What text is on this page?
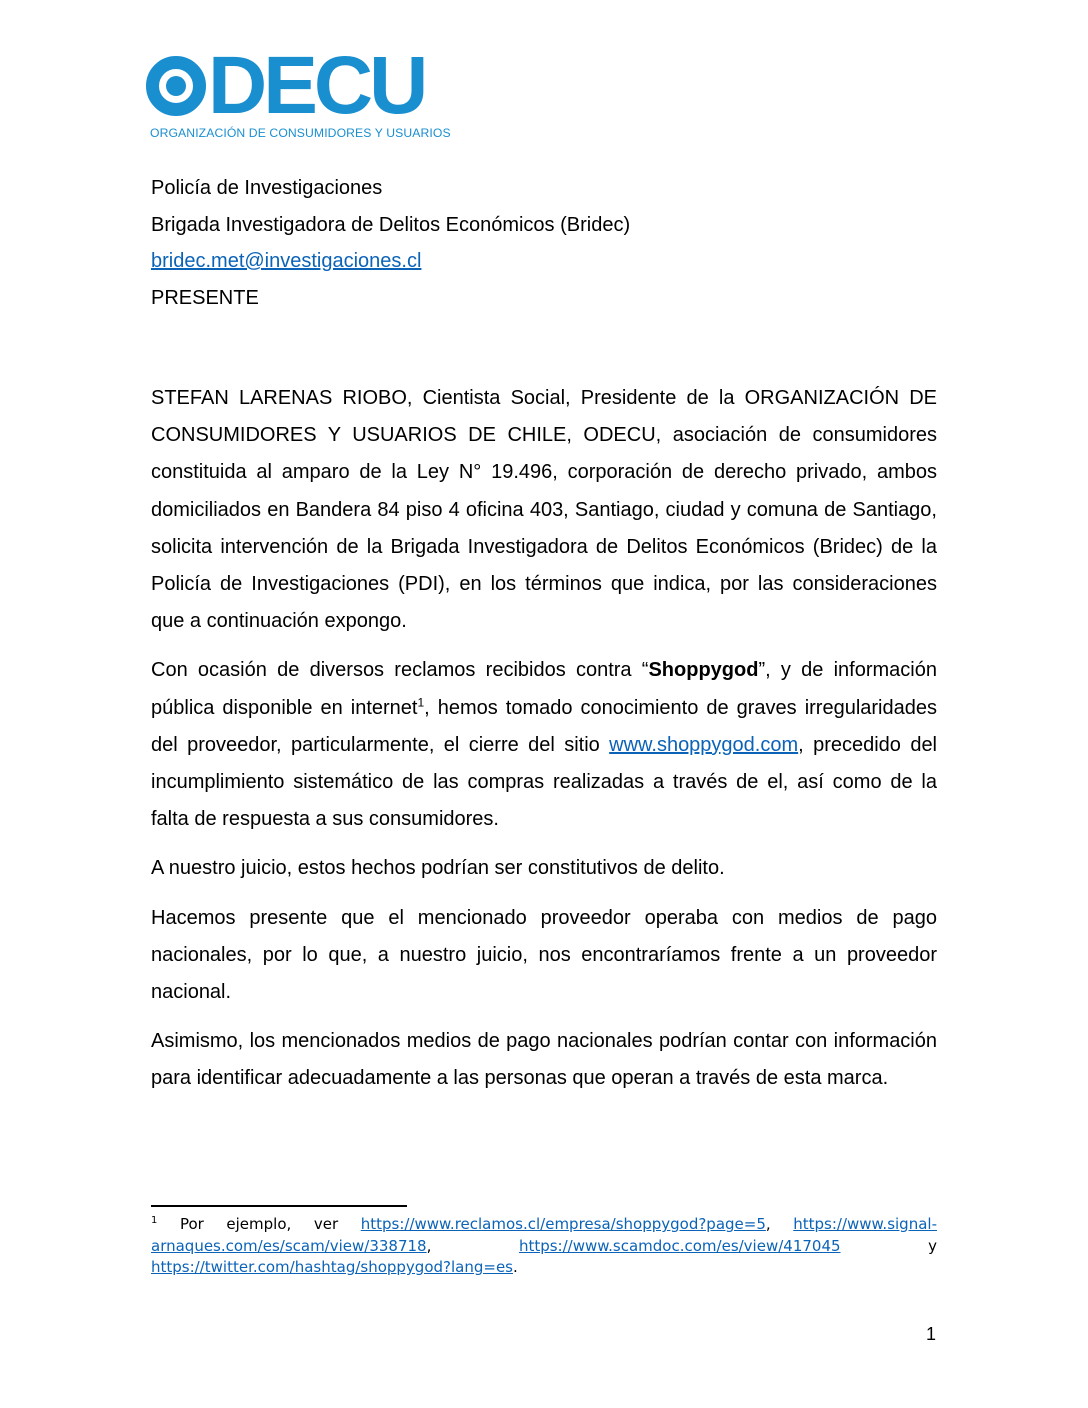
DECU
ORGANIZACIÓN DE CONSUMIDORES Y USUARIOS
Policía de Investigaciones
Brigada Investigadora de Delitos Económicos (Bridec)
bridec.met@investigaciones.cl
PRESENTE

STEFAN LARENAS RIOBO, Cientista Social, Presidente de la ORGANIZACIÓN DE CONSUMIDORES Y USUARIOS DE CHILE, ODECU, asociación de consumidores constituida al amparo de la Ley N° 19.496, corporación de derecho privado, ambos domiciliados en Bandera 84 piso 4 oficina 403, Santiago, ciudad y comuna de Santiago, solicita intervención de la Brigada Investigadora de Delitos Económicos (Bridec) de la Policía de Investigaciones (PDI), en los términos que indica, por las consideraciones que a continuación expongo.

Con ocasión de diversos reclamos recibidos contra “Shoppygod”, y de información pública disponible en internet$^1$, hemos tomado conocimiento de graves irregularidades del proveedor, particularmente, el cierre del sitio www.shoppygod.com, precedido del incumplimiento sistemático de las compras realizadas a través de el, así como de la falta de respuesta a sus consumidores.

A nuestro juicio, estos hechos podrían ser constitutivos de delito.

Hacemos presente que el mencionado proveedor operaba con medios de pago nacionales, por lo que, a nuestro juicio, nos encontraríamos frente a un proveedor nacional.

Asimismo, los mencionados medios de pago nacionales podrían contar con información para identificar adecuadamente a las personas que operan a través de esta marca.

$^1$ Por ejemplo, ver https://www.reclamos.cl/empresa/shoppygod?page=5, https://www.signal-arnaques.com/es/scam/view/338718, https://www.scamdoc.com/es/view/417045 y https://twitter.com/hashtag/shoppygod?lang=es.
1
